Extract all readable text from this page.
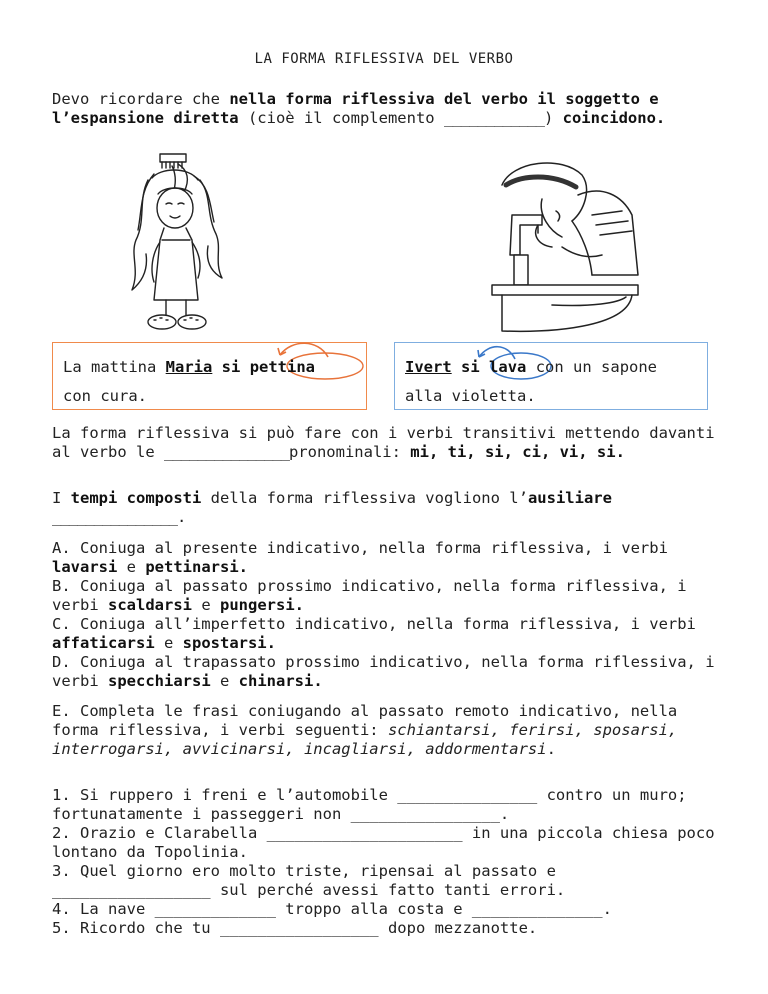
LA FORMA RIFLESSIVA DEL VERBO

Devo ricordare che nella forma riflessiva del verbo il soggetto e l’espansione diretta (cioè il complemento ____________) coincidono.

La mattina Maria si pettina
con cura.
Ivert si lava con un sapone
alla violetta.

La forma riflessiva si può fare con i verbi transitivi mettendo davanti al verbo le _______________pronominali: mi, ti, si, ci, vi, si.

I tempi composti della forma riflessiva vogliono l’ausiliare
_______________.

A. Coniuga al presente indicativo, nella forma riflessiva, i verbi lavarsi e pettinarsi.
B. Coniuga al passato prossimo indicativo, nella forma riflessiva, i verbi scaldarsi e pungersi.
C. Coniuga all’imperfetto indicativo, nella forma riflessiva, i verbi affaticarsi e spostarsi.
D. Coniuga al trapassato prossimo indicativo, nella forma riflessiva, i verbi specchiarsi e chinarsi.

E. Completa le frasi coniugando al passato remoto indicativo, nella forma riflessiva, i verbi seguenti: schiantarsi, ferirsi, sposarsi, interrogarsi, avvicinarsi, incagliarsi, addormentarsi.

1. Si ruppero i freni e l’automobile _______________ contro un muro; fortunatamente i passeggeri non ________________.
2. Orazio e Clarabella _____________________ in una piccola chiesa poco lontano da Topolinia.
3. Quel giorno ero molto triste, ripensai al passato e _________________ sul perché avessi fatto tanti errori.
4. La nave _____________ troppo alla costa e ______________.
5. Ricordo che tu _________________ dopo mezzanotte.
